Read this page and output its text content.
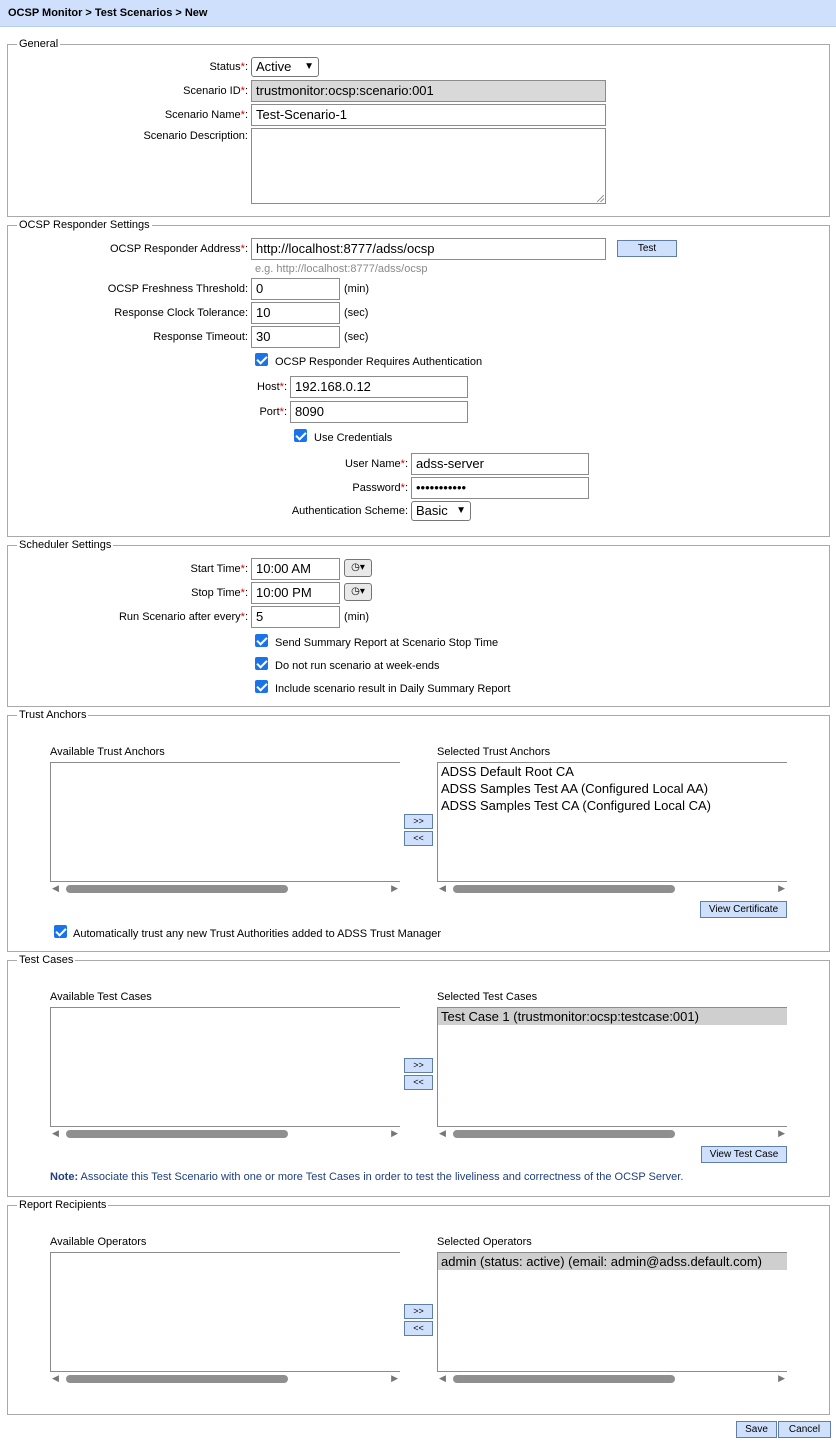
OCSP Monitor > Test Scenarios > New
General
Status*: Active ▼
Scenario ID*: trustmonitor:ocsp:scenario:001
Scenario Name*: Test-Scenario-1
Scenario Description:
OCSP Responder Settings
OCSP Responder Address*: http://localhost:8777/adss/ocsp	Test
e.g. http://localhost:8777/adss/ocsp
OCSP Freshness Threshold: 0	(min)
Response Clock Tolerance: 10	(sec)
Response Timeout: 30	(sec)
OCSP Responder Requires Authentication
Host*: 192.168.0.12
Port*: 8090
Use Credentials
User Name*: adss-server
Password*: •••••••••••
Authentication Scheme: Basic ▼
Scheduler Settings
Start Time*: 10:00 AM	◷▾
Stop Time*: 10:00 PM	◷▾
Run Scenario after every*: 5	(min)
Send Summary Report at Scenario Stop Time
Do not run scenario at week-ends
Include scenario result in Daily Summary Report
Trust Anchors
Available Trust Anchors	Selected Trust Anchors
◀	▶
>>
<<
ADSS Default Root CA
ADSS Samples Test AA (Configured Local AA)
ADSS Samples Test CA (Configured Local CA)
◀	▶
View Certificate
Automatically trust any new Trust Authorities added to ADSS Trust Manager
Test Cases
Available Test Cases	Selected Test Cases
◀	▶
>>
<<
Test Case 1 (trustmonitor:ocsp:testcase:001)
◀	▶
View Test Case
Note: Associate this Test Scenario with one or more Test Cases in order to test the liveliness and correctness of the OCSP Server.
Report Recipients
Available Operators	Selected Operators
◀	▶
>>
<<
admin (status: active) (email: admin@adss.default.com)
◀	▶
Save	Cancel
